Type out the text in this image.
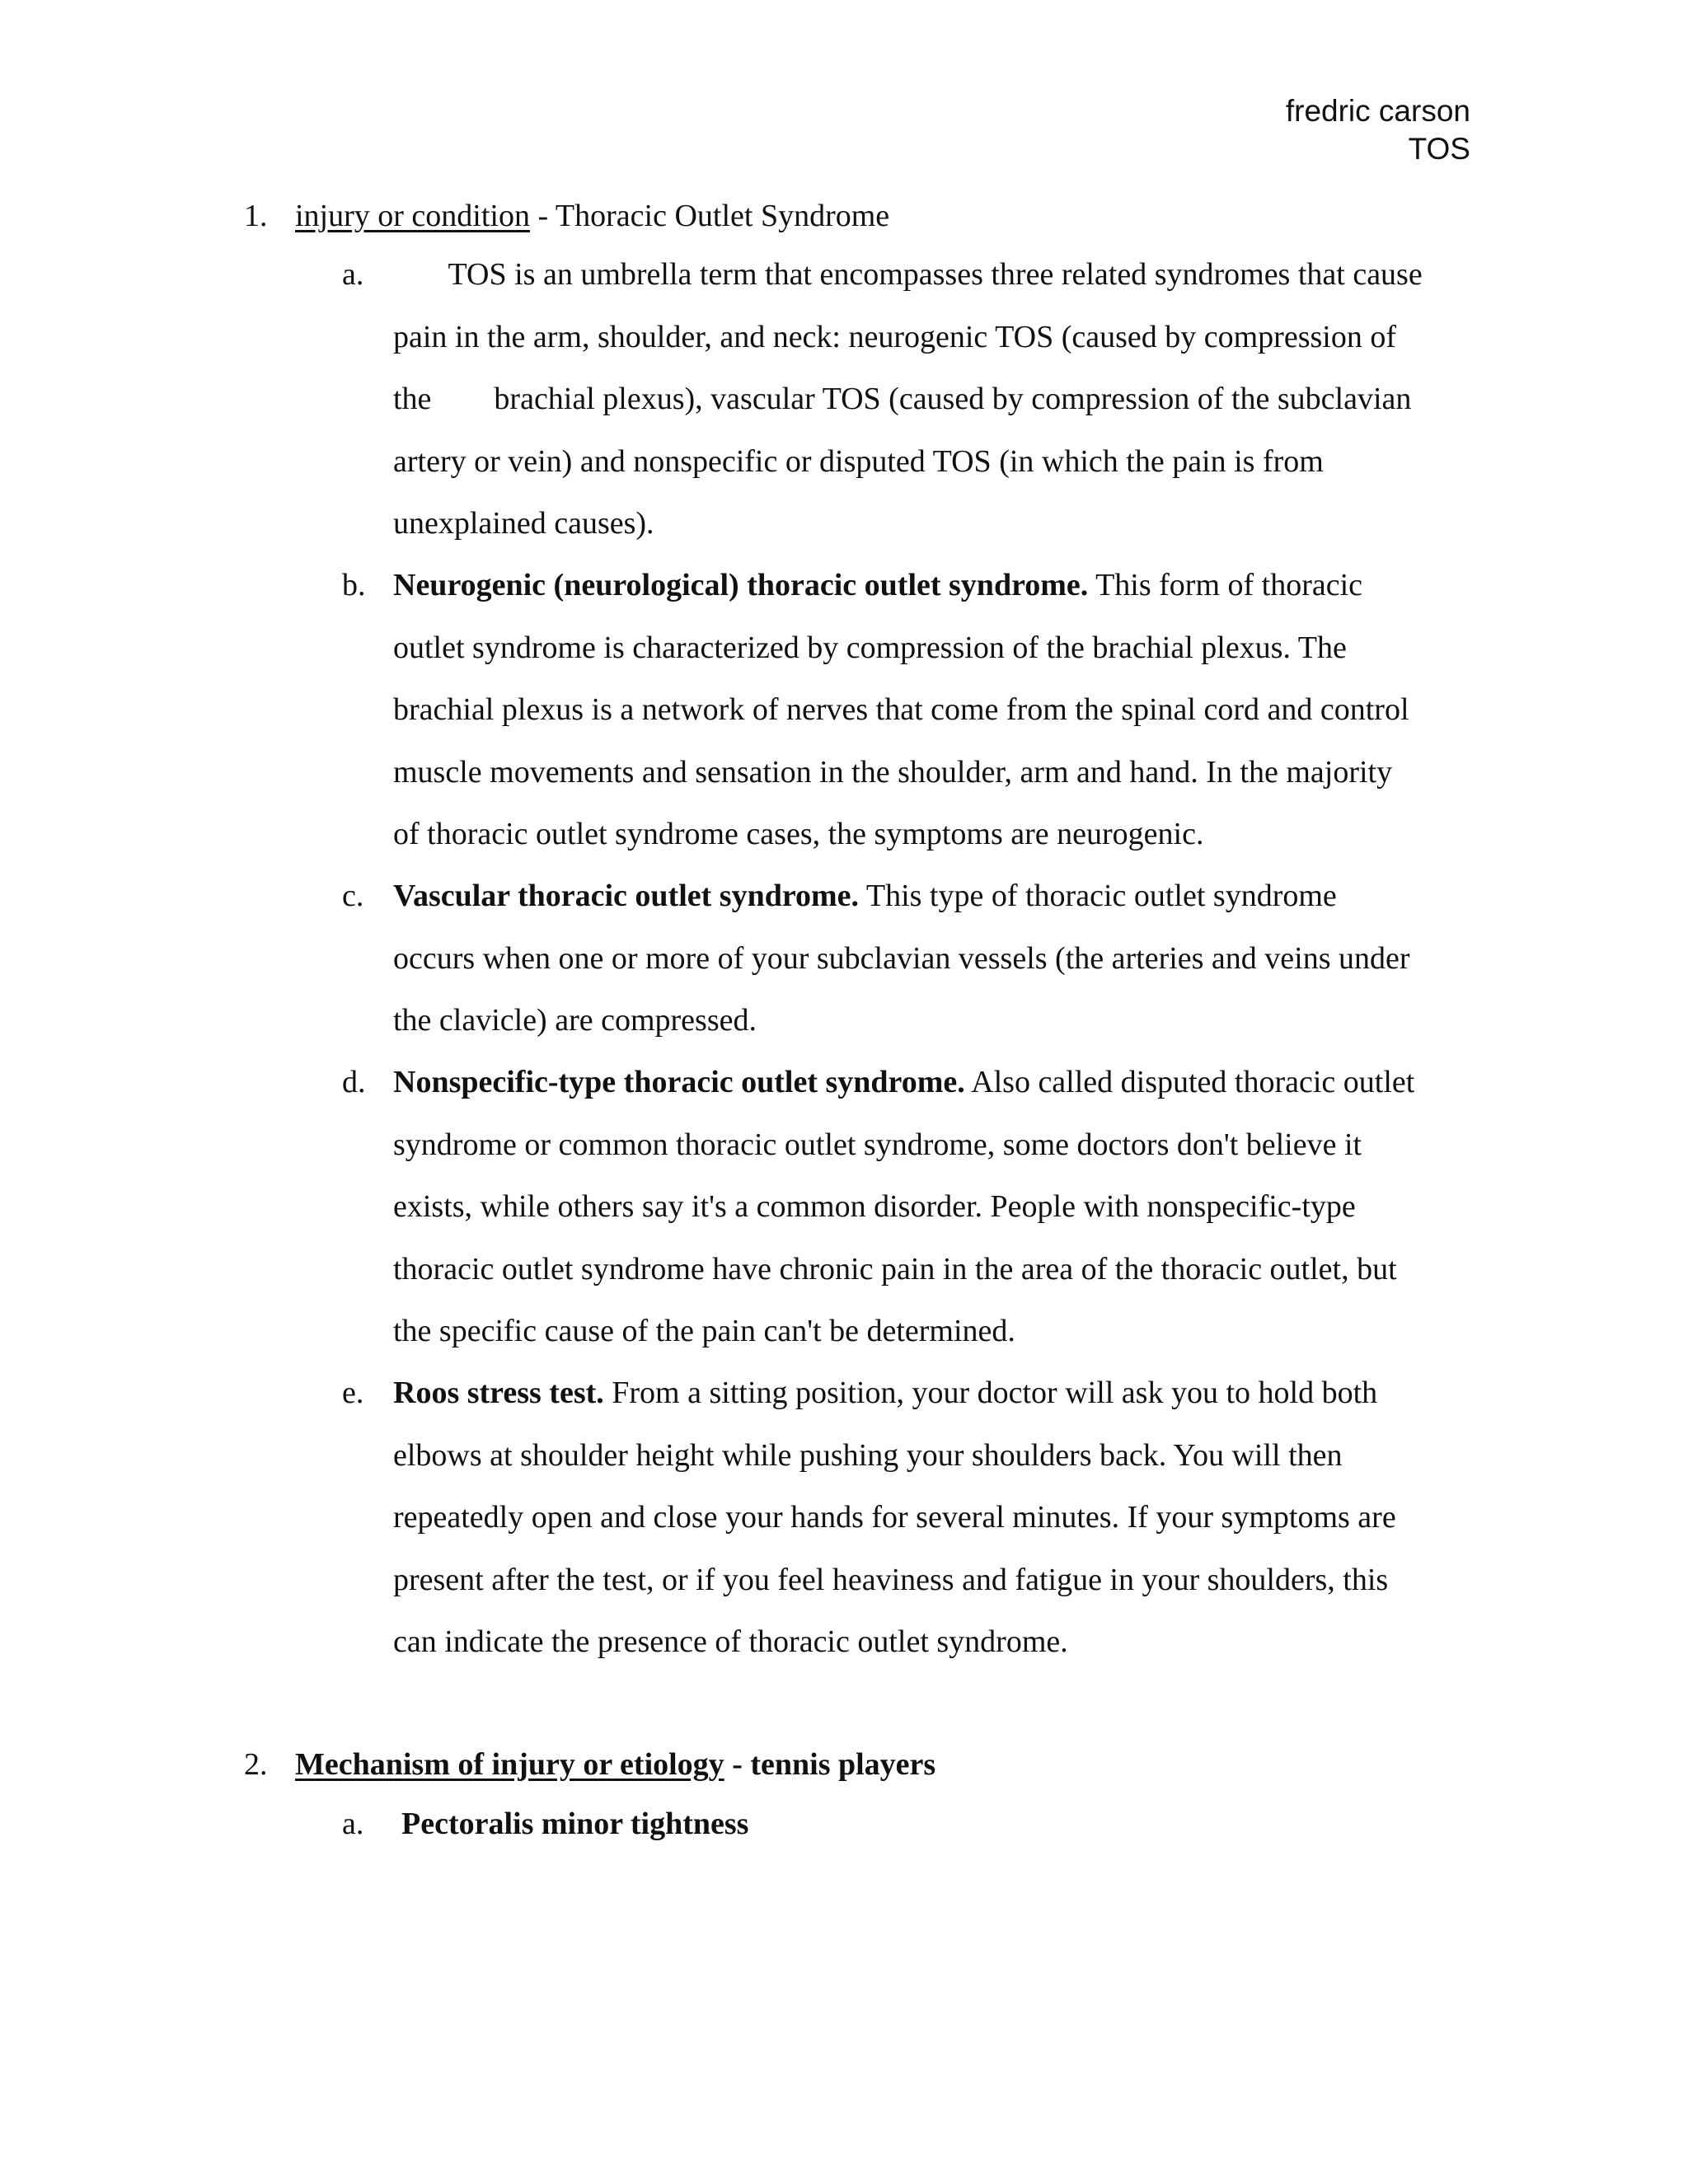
fredric carson
TOS
1. injury or condition - Thoracic Outlet Syndrome
a. TOS is an umbrella term that encompasses three related syndromes that cause
pain in the arm, shoulder, and neck: neurogenic TOS (caused by compression of
the        brachial plexus), vascular TOS (caused by compression of the subclavian
artery or vein) and nonspecific or disputed TOS (in which the pain is from
unexplained causes).
b. Neurogenic (neurological) thoracic outlet syndrome. This form of thoracic
outlet syndrome is characterized by compression of the brachial plexus. The
brachial plexus is a network of nerves that come from the spinal cord and control
muscle movements and sensation in the shoulder, arm and hand. In the majority
of thoracic outlet syndrome cases, the symptoms are neurogenic.
c. Vascular thoracic outlet syndrome. This type of thoracic outlet syndrome
occurs when one or more of your subclavian vessels (the arteries and veins under
the clavicle) are compressed.
d. Nonspecific-type thoracic outlet syndrome. Also called disputed thoracic outlet
syndrome or common thoracic outlet syndrome, some doctors don't believe it
exists, while others say it's a common disorder. People with nonspecific-type
thoracic outlet syndrome have chronic pain in the area of the thoracic outlet, but
the specific cause of the pain can't be determined.
e. Roos stress test. From a sitting position, your doctor will ask you to hold both
elbows at shoulder height while pushing your shoulders back. You will then
repeatedly open and close your hands for several minutes. If your symptoms are
present after the test, or if you feel heaviness and fatigue in your shoulders, this
can indicate the presence of thoracic outlet syndrome.
2. Mechanism of injury or etiology - tennis players
a. Pectoralis minor tightness
